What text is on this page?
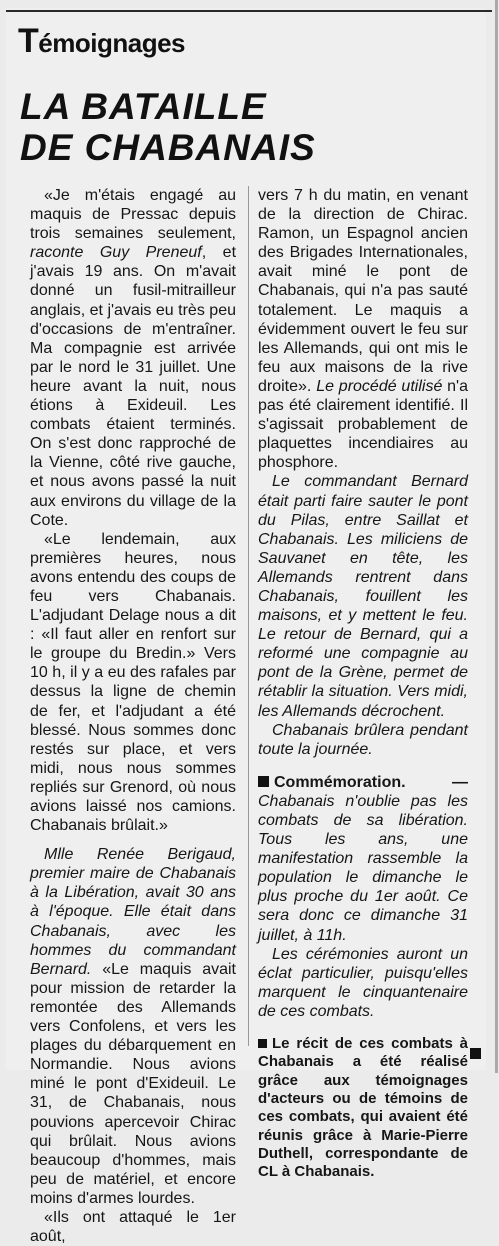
Témoignages
LA BATAILLE
DE CHABANAIS

«Je m'étais engagé au maquis de Pressac depuis trois semaines seulement, raconte Guy Preneuf, et j'avais 19 ans. On m'avait donné un fusil-mitrailleur anglais, et j'avais eu très peu d'occasions de m'entraîner. Ma compagnie est arrivée par le nord le 31 juillet. Une heure avant la nuit, nous étions à Exideuil. Les combats étaient terminés. On s'est donc rapproché de la Vienne, côté rive gauche, et nous avons passé la nuit aux environs du village de la Cote.

«Le lendemain, aux premières heures, nous avons entendu des coups de feu vers Chabanais. L'adjudant Delage nous a dit : «Il faut aller en renfort sur le groupe du Bredin.» Vers 10 h, il y a eu des rafales par dessus la ligne de chemin de fer, et l'adjudant a été blessé. Nous sommes donc restés sur place, et vers midi, nous nous sommes repliés sur Grenord, où nous avions laissé nos camions. Chabanais brûlait.»

Mlle Renée Berigaud, premier maire de Chabanais à la Libération, avait 30 ans à l'époque. Elle était dans Chabanais, avec les hommes du commandant Bernard. «Le maquis avait pour mission de retarder la remontée des Allemands vers Confolens, et vers les plages du débarquement en Normandie. Nous avions miné le pont d'Exideuil. Le 31, de Chabanais, nous pouvions apercevoir Chirac qui brûlait. Nous avions beaucoup d'hommes, mais peu de matériel, et encore moins d'armes lourdes.

«Ils ont attaqué le 1er août,

vers 7 h du matin, en venant de la direction de Chirac. Ramon, un Espagnol ancien des Brigades Internationales, avait miné le pont de Chabanais, qui n'a pas sauté totalement. Le maquis a évidemment ouvert le feu sur les Allemands, qui ont mis le feu aux maisons de la rive droite». Le procédé utilisé n'a pas été clairement identifié. Il s'agissait probablement de plaquettes incendiaires au phosphore.

Le commandant Bernard était parti faire sauter le pont du Pilas, entre Saillat et Chabanais. Les miliciens de Sauvanet en tête, les Allemands rentrent dans Chabanais, fouillent les maisons, et y mettent le feu. Le retour de Bernard, qui a reformé une compagnie au pont de la Grène, permet de rétablir la situation. Vers midi, les Allemands décrochent.

Chabanais brûlera pendant toute la journée.

Commémoration. — Chabanais n'oublie pas les combats de sa libération. Tous les ans, une manifestation rassemble la population le dimanche le plus proche du 1er août. Ce sera donc ce dimanche 31 juillet, à 11h.

Les cérémonies auront un éclat particulier, puisqu'elles marquent le cinquantenaire de ces combats.

Le récit de ces combats à Chabanais a été réalisé grâce aux témoignages d'acteurs ou de témoins de ces combats, qui avaient été réunis grâce à Marie-Pierre Duthell, correspondante de CL à Chabanais.
